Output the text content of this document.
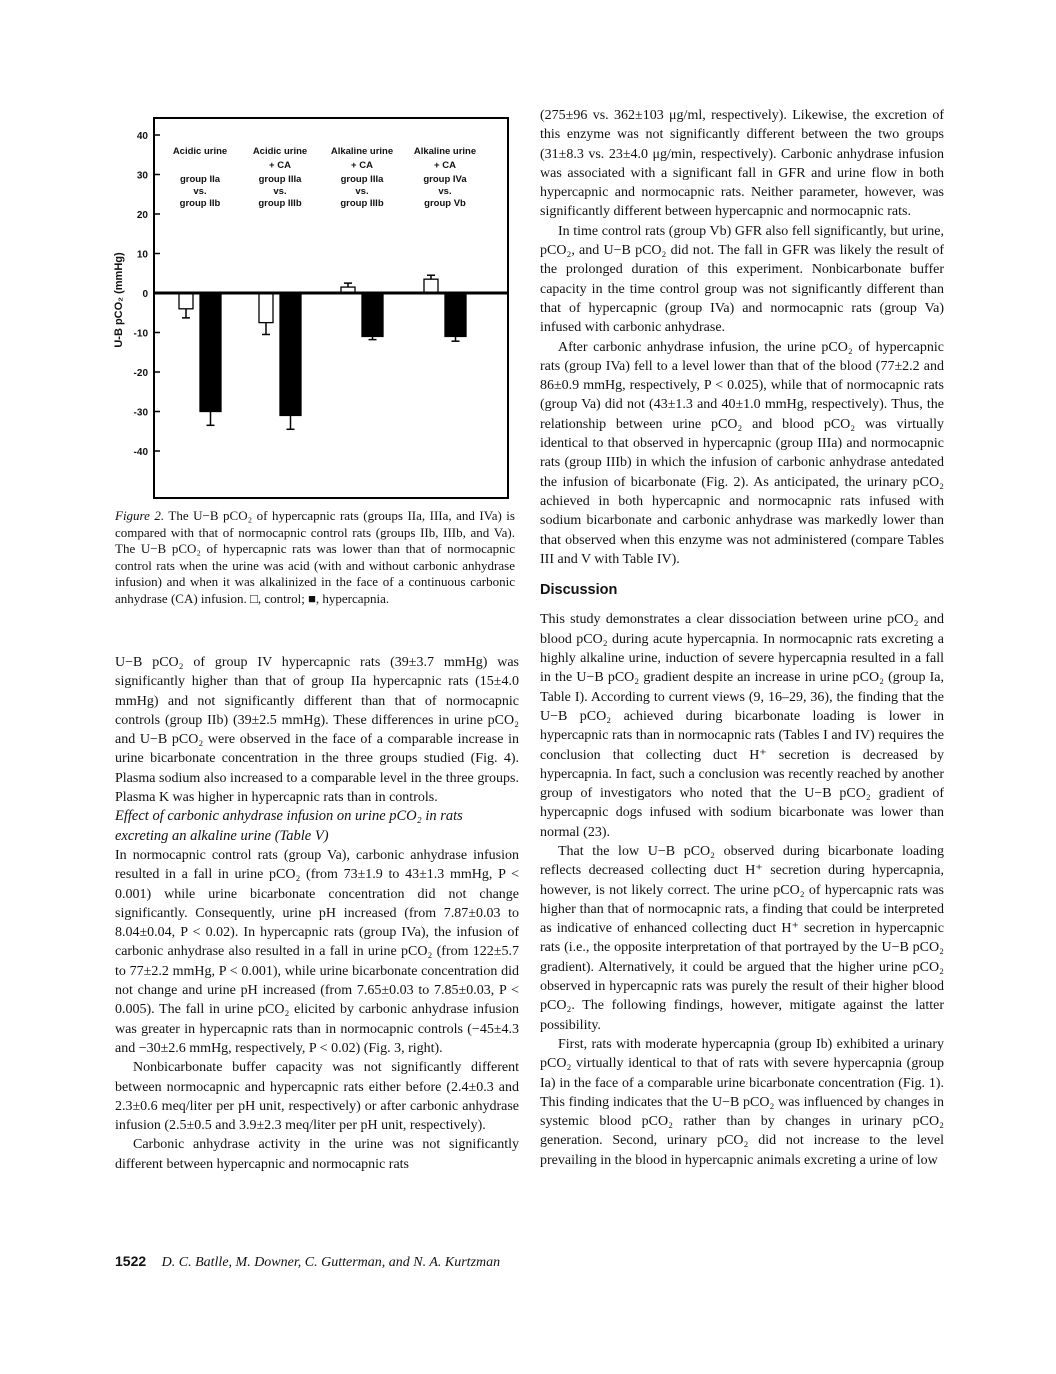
40
30
20
10
0
-10
-20
-30
-40
U-B pCO₂ (mmHg)
Acidic urine
group IIa
vs.
group IIb
Acidic urine
+ CA
group IIIa
vs.
group IIIb
Alkaline urine
+ CA
group IIIa
vs.
group IIIb
Alkaline urine
+ CA
group IVa
vs.
group Vb
Figure 2. The U−B pCO₂ of hypercapnic rats (groups IIa, IIIa, and IVa) is compared with that of normocapnic control rats (groups IIb, IIIb, and Va). The U−B pCO₂ of hypercapnic rats was lower than that of normocapnic control rats when the urine was acid (with and without carbonic anhydrase infusion) and when it was alkalinized in the face of a continuous carbonic anhydrase (CA) infusion. □, control; ■, hypercapnia.

U−B pCO₂ of group IV hypercapnic rats (39±3.7 mmHg) was significantly higher than that of group IIa hypercapnic rats (15±4.0 mmHg) and not significantly different than that of normocapnic controls (group IIb) (39±2.5 mmHg). These differences in urine pCO₂ and U−B pCO₂ were observed in the face of a comparable increase in urine bicarbonate concentration in the three groups studied (Fig. 4). Plasma sodium also increased to a comparable level in the three groups. Plasma K was higher in hypercapnic rats than in controls.

Effect of carbonic anhydrase infusion on urine pCO₂ in rats excreting an alkaline urine (Table V)

In normocapnic control rats (group Va), carbonic anhydrase infusion resulted in a fall in urine pCO₂ (from 73±1.9 to 43±1.3 mmHg, P < 0.001) while urine bicarbonate concentration did not change significantly. Consequently, urine pH increased (from 7.87±0.03 to 8.04±0.04, P < 0.02). In hypercapnic rats (group IVa), the infusion of carbonic anhydrase also resulted in a fall in urine pCO₂ (from 122±5.7 to 77±2.2 mmHg, P < 0.001), while urine bicarbonate concentration did not change and urine pH increased (from 7.65±0.03 to 7.85±0.03, P < 0.005). The fall in urine pCO₂ elicited by carbonic anhydrase infusion was greater in hypercapnic rats than in normocapnic controls (−45±4.3 and −30±2.6 mmHg, respectively, P < 0.02) (Fig. 3, right).

Nonbicarbonate buffer capacity was not significantly different between normocapnic and hypercapnic rats either before (2.4±0.3 and 2.3±0.6 meq/liter per pH unit, respectively) or after carbonic anhydrase infusion (2.5±0.5 and 3.9±2.3 meq/liter per pH unit, respectively).

Carbonic anhydrase activity in the urine was not significantly different between hypercapnic and normocapnic rats

(275±96 vs. 362±103 μg/ml, respectively). Likewise, the excretion of this enzyme was not significantly different between the two groups (31±8.3 vs. 23±4.0 μg/min, respectively). Carbonic anhydrase infusion was associated with a significant fall in GFR and urine flow in both hypercapnic and normocapnic rats. Neither parameter, however, was significantly different between hypercapnic and normocapnic rats.

In time control rats (group Vb) GFR also fell significantly, but urine, pCO₂, and U−B pCO₂ did not. The fall in GFR was likely the result of the prolonged duration of this experiment. Nonbicarbonate buffer capacity in the time control group was not significantly different than that of hypercapnic (group IVa) and normocapnic rats (group Va) infused with carbonic anhydrase.

After carbonic anhydrase infusion, the urine pCO₂ of hypercapnic rats (group IVa) fell to a level lower than that of the blood (77±2.2 and 86±0.9 mmHg, respectively, P < 0.025), while that of normocapnic rats (group Va) did not (43±1.3 and 40±1.0 mmHg, respectively). Thus, the relationship between urine pCO₂ and blood pCO₂ was virtually identical to that observed in hypercapnic (group IIIa) and normocapnic rats (group IIIb) in which the infusion of carbonic anhydrase antedated the infusion of bicarbonate (Fig. 2). As anticipated, the urinary pCO₂ achieved in both hypercapnic and normocapnic rats infused with sodium bicarbonate and carbonic anhydrase was markedly lower than that observed when this enzyme was not administered (compare Tables III and V with Table IV).

Discussion

This study demonstrates a clear dissociation between urine pCO₂ and blood pCO₂ during acute hypercapnia. In normocapnic rats excreting a highly alkaline urine, induction of severe hypercapnia resulted in a fall in the U−B pCO₂ gradient despite an increase in urine pCO₂ (group Ia, Table I). According to current views (9, 16–29, 36), the finding that the U−B pCO₂ achieved during bicarbonate loading is lower in hypercapnic rats than in normocapnic rats (Tables I and IV) requires the conclusion that collecting duct H⁺ secretion is decreased by hypercapnia. In fact, such a conclusion was recently reached by another group of investigators who noted that the U−B pCO₂ gradient of hypercapnic dogs infused with sodium bicarbonate was lower than normal (23).

That the low U−B pCO₂ observed during bicarbonate loading reflects decreased collecting duct H⁺ secretion during hypercapnia, however, is not likely correct. The urine pCO₂ of hypercapnic rats was higher than that of normocapnic rats, a finding that could be interpreted as indicative of enhanced collecting duct H⁺ secretion in hypercapnic rats (i.e., the opposite interpretation of that portrayed by the U−B pCO₂ gradient). Alternatively, it could be argued that the higher urine pCO₂ observed in hypercapnic rats was purely the result of their higher blood pCO₂. The following findings, however, mitigate against the latter possibility.

First, rats with moderate hypercapnia (group Ib) exhibited a urinary pCO₂ virtually identical to that of rats with severe hypercapnia (group Ia) in the face of a comparable urine bicarbonate concentration (Fig. 1). This finding indicates that the U−B pCO₂ was influenced by changes in systemic blood pCO₂ rather than by changes in urinary pCO₂ generation. Second, urinary pCO₂ did not increase to the level prevailing in the blood in hypercapnic animals excreting a urine of low

1522 D. C. Batlle, M. Downer, C. Gutterman, and N. A. Kurtzman
